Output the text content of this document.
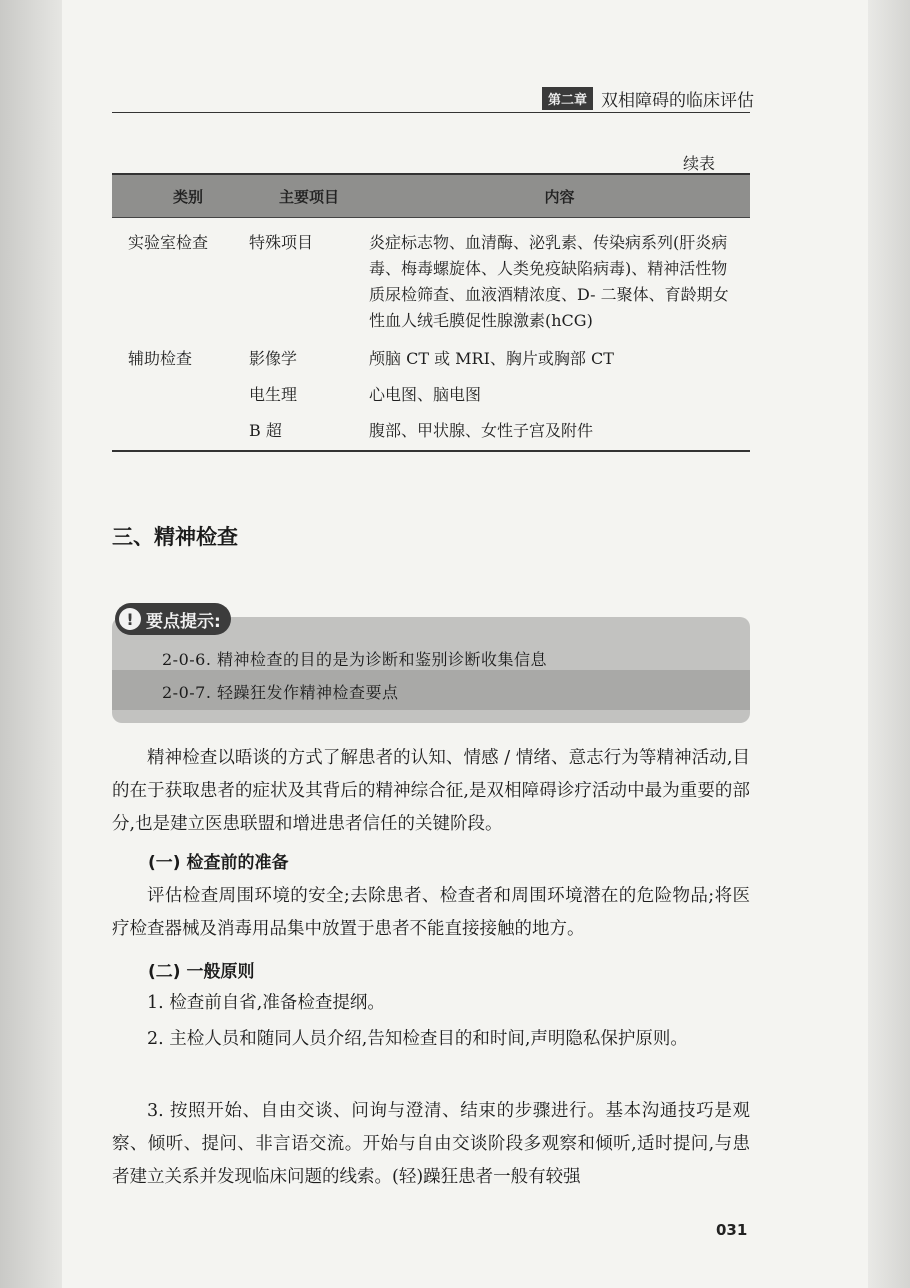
第二章 双相障碍的临床评估
续表
类别	主要项目	内容
实验室检查	特殊项目	炎症标志物、血清酶、泌乳素、传染病系列(肝炎病毒、梅毒螺旋体、人类免疫缺陷病毒)、精神活性物质尿检筛查、血液酒精浓度、D- 二聚体、育龄期女性血人绒毛膜促性腺激素(hCG)
辅助检查	影像学	颅脑 CT 或 MRI、胸片或胸部 CT
	电生理	心电图、脑电图
	B 超	腹部、甲状腺、女性子宫及附件
三、精神检查
! 要点提示:
2-0-6. 精神检查的目的是为诊断和鉴别诊断收集信息
2-0-7. 轻躁狂发作精神检查要点
精神检查以晤谈的方式了解患者的认知、情感 / 情绪、意志行为等精神活动,目的在于获取患者的症状及其背后的精神综合征,是双相障碍诊疗活动中最为重要的部分,也是建立医患联盟和增进患者信任的关键阶段。
(一) 检查前的准备
评估检查周围环境的安全;去除患者、检查者和周围环境潜在的危险物品;将医疗检查器械及消毒用品集中放置于患者不能直接接触的地方。
(二) 一般原则
1. 检查前自省,准备检查提纲。
2. 主检人员和随同人员介绍,告知检查目的和时间,声明隐私保护原则。
3. 按照开始、自由交谈、问询与澄清、结束的步骤进行。基本沟通技巧是观察、倾听、提问、非言语交流。开始与自由交谈阶段多观察和倾听,适时提问,与患者建立关系并发现临床问题的线索。(轻)躁狂患者一般有较强
031
